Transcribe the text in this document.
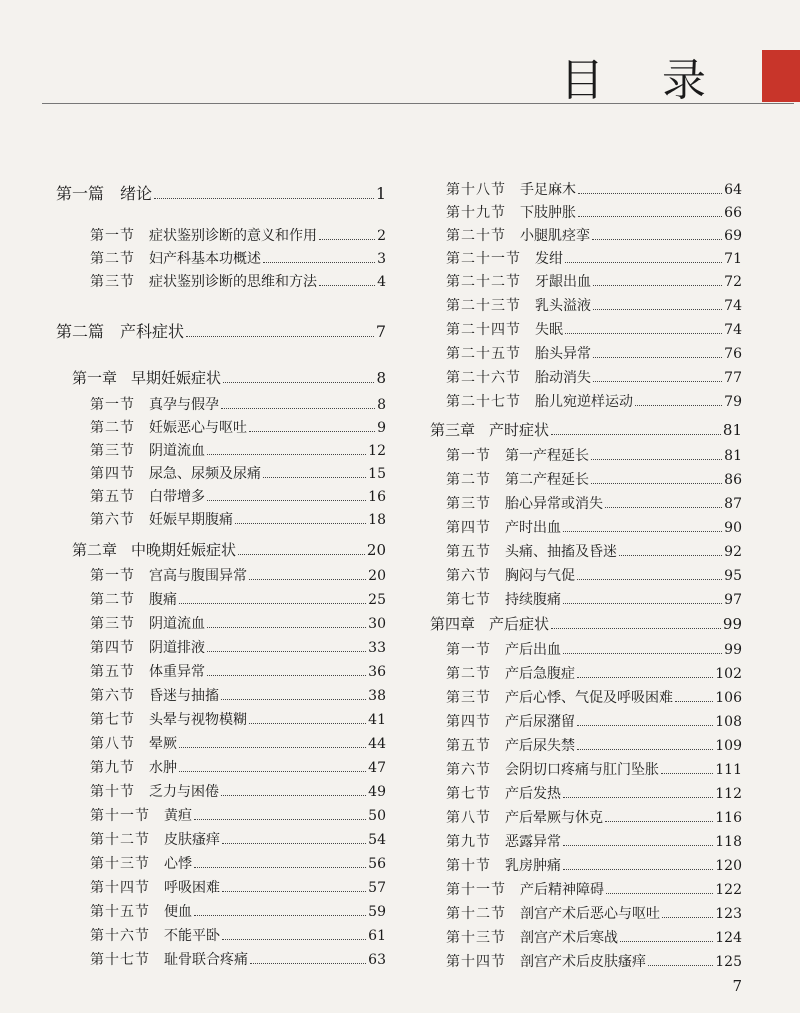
目 录
第一篇 绪论	1
第一节 症状鉴别诊断的意义和作用	2
第二节 妇产科基本功概述	3
第三节 症状鉴别诊断的思维和方法	4
第二篇 产科症状	7
第一章 早期妊娠症状	8
第一节 真孕与假孕	8
第二节 妊娠恶心与呕吐	9
第三节 阴道流血	12
第四节 尿急、尿频及尿痛	15
第五节 白带增多	16
第六节 妊娠早期腹痛	18
第二章 中晚期妊娠症状	20
第一节 宫高与腹围异常	20
第二节 腹痛	25
第三节 阴道流血	30
第四节 阴道排液	33
第五节 体重异常	36
第六节 昏迷与抽搐	38
第七节 头晕与视物模糊	41
第八节 晕厥	44
第九节 水肿	47
第十节 乏力与困倦	49
第十一节 黄疸	50
第十二节 皮肤瘙痒	54
第十三节 心悸	56
第十四节 呼吸困难	57
第十五节 便血	59
第十六节 不能平卧	61
第十七节 耻骨联合疼痛	63
第十八节 手足麻木	64
第十九节 下肢肿胀	66
第二十节 小腿肌痉挛	69
第二十一节 发绀	71
第二十二节 牙龈出血	72
第二十三节 乳头溢液	74
第二十四节 失眠	74
第二十五节 胎头异常	76
第二十六节 胎动消失	77
第二十七节 胎儿宛逆样运动	79
第三章 产时症状	81
第一节 第一产程延长	81
第二节 第二产程延长	86
第三节 胎心异常或消失	87
第四节 产时出血	90
第五节 头痛、抽搐及昏迷	92
第六节 胸闷与气促	95
第七节 持续腹痛	97
第四章 产后症状	99
第一节 产后出血	99
第二节 产后急腹症	102
第三节 产后心悸、气促及呼吸困难	106
第四节 产后尿潴留	108
第五节 产后尿失禁	109
第六节 会阴切口疼痛与肛门坠胀	111
第七节 产后发热	112
第八节 产后晕厥与休克	116
第九节 恶露异常	118
第十节 乳房肿痛	120
第十一节 产后精神障碍	122
第十二节 剖宫产术后恶心与呕吐	123
第十三节 剖宫产术后寒战	124
第十四节 剖宫产术后皮肤瘙痒	125
7
